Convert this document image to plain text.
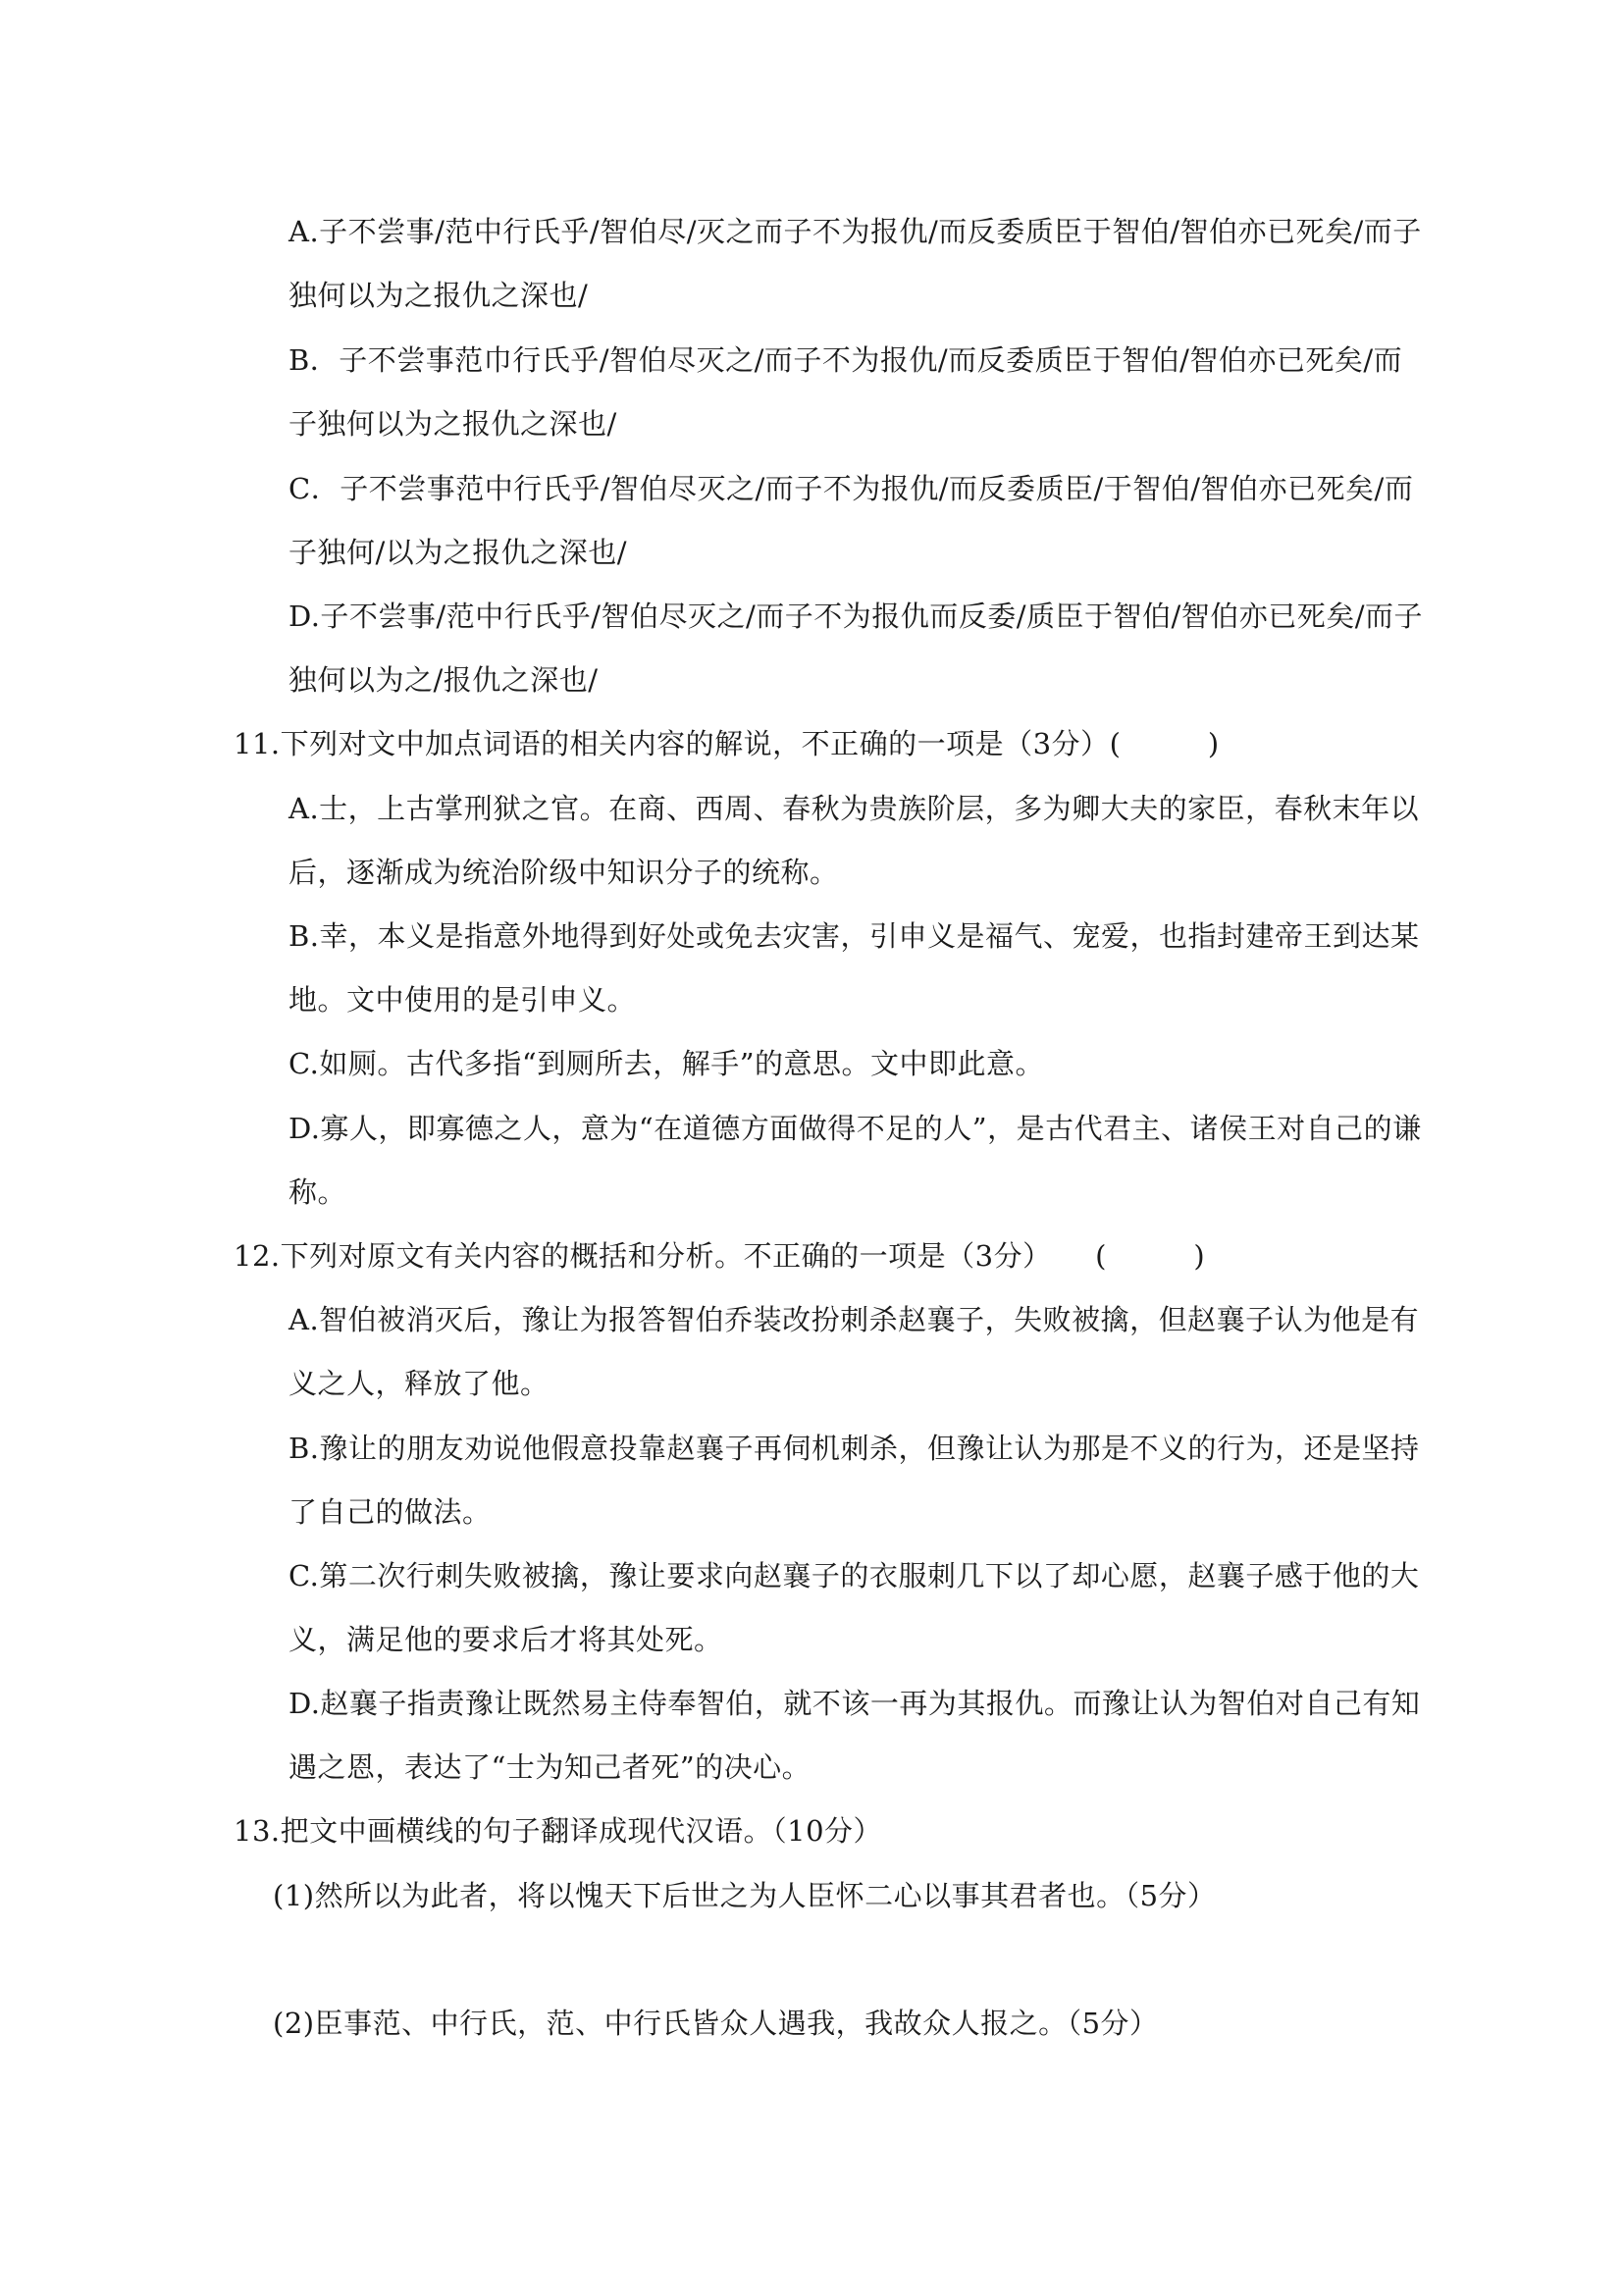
A.子不尝事/范中行氏乎/智伯尽/灭之而子不为报仇/而反委质臣于智伯/智伯亦已死矣/而子
独何以为之报仇之深也/
B．子不尝事范巾行氏乎/智伯尽灭之/而子不为报仇/而反委质臣于智伯/智伯亦已死矣/而
子独何以为之报仇之深也/
C．子不尝事范中行氏乎/智伯尽灭之/而子不为报仇/而反委质臣/于智伯/智伯亦已死矣/而
子独何/以为之报仇之深也/
D.子不尝事/范中行氏乎/智伯尽灭之/而子不为报仇而反委/质臣于智伯/智伯亦已死矣/而子
独何以为之/报仇之深也/
11.下列对文中加点词语的相关内容的解说，不正确的一项是（3分）(　　　)
A.士，上古掌刑狱之官。在商、西周、春秋为贵族阶层，多为卿大夫的家臣，春秋末年以
后，逐渐成为统治阶级中知识分子的统称。
B.幸，本义是指意外地得到好处或免去灾害，引申义是福气、宠爱，也指封建帝王到达某
地。文中使用的是引申义。
C.如厕。古代多指“到厕所去，解手”的意思。文中即此意。
D.寡人，即寡德之人，意为“在道德方面做得不足的人”，是古代君主、诸侯王对自己的谦
称。
12.下列对原文有关内容的概括和分析。不正确的一项是（3分）　　(　　　)
A.智伯被消灭后，豫让为报答智伯乔装改扮刺杀赵襄子，失败被擒，但赵襄子认为他是有
义之人，释放了他。
B.豫让的朋友劝说他假意投靠赵襄子再伺机刺杀，但豫让认为那是不义的行为，还是坚持
了自己的做法。
C.第二次行刺失败被擒，豫让要求向赵襄子的衣服刺几下以了却心愿，赵襄子感于他的大
义，满足他的要求后才将其处死。
D.赵襄子指责豫让既然易主侍奉智伯，就不该一再为其报仇。而豫让认为智伯对自己有知
遇之恩，表达了“士为知己者死”的决心。
13.把文中画横线的句子翻译成现代汉语。（10分）
(1)然所以为此者，将以愧天下后世之为人臣怀二心以事其君者也。（5分）
(2)臣事范、中行氏，范、中行氏皆众人遇我，我故众人报之。（5分）
